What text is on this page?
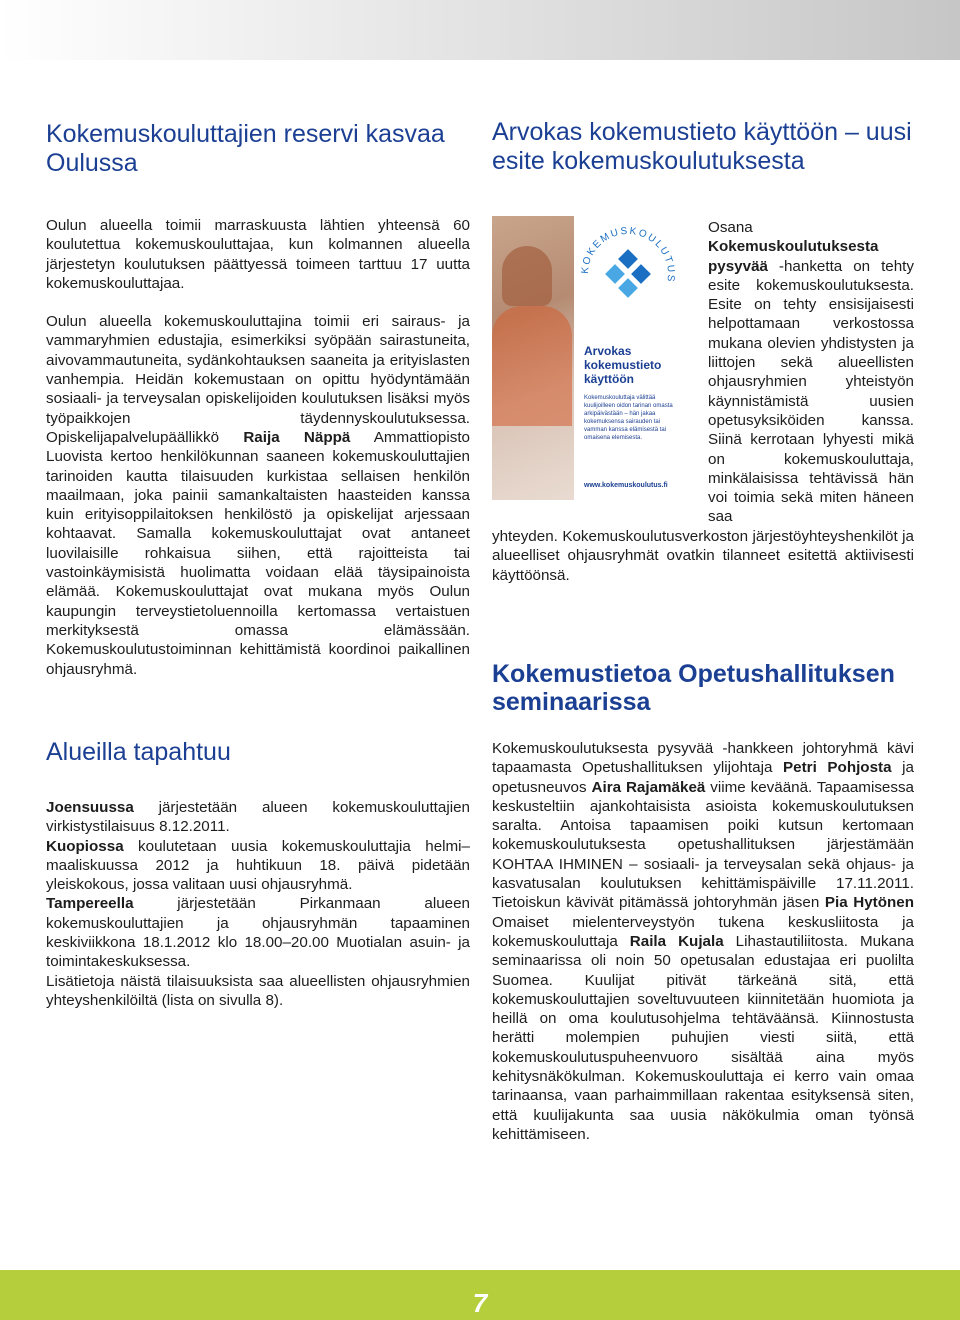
Kokemuskouluttajien reservi kasvaa Oulussa
Arvokas kokemustieto käyttöön – uusi esite kokemuskoulutuksesta

Oulun alueella toimii marraskuusta lähtien yhteensä 60 koulutettua kokemuskouluttajaa, kun kolmannen alueella järjestetyn koulutuksen päättyessä toimeen tarttuu 17 uutta kokemuskouluttajaa.

Oulun alueella kokemuskouluttajina toimii eri sairaus- ja vammaryhmien edustajia, esimerkiksi syöpään sairastuneita, aivovammautuneita, sydänkohtauksen saaneita ja erityislasten vanhempia. Heidän kokemustaan on opittu hyödyntämään sosiaali- ja terveysalan opiskelijoiden koulutuksen lisäksi myös työpaikkojen täydennyskoulutuksessa. Opiskelijapalvelupäällikkö Raija Näppä Ammattiopisto Luovista kertoo henkilökunnan saaneen kokemuskouluttajien tarinoiden kautta tilaisuuden kurkistaa sellaisen henkilön maailmaan, joka painii samankaltaisten haasteiden kanssa kuin erityisoppilaitoksen henkilöstö ja opiskelijat arjessaan kohtaavat. Samalla kokemuskouluttajat ovat antaneet luovilaisille rohkaisua siihen, että rajoitteista tai vastoinkäymisistä huolimatta voidaan elää täysipainoista elämää. Kokemuskouluttajat ovat mukana myös Oulun kaupungin terveystietoluennoilla kertomassa vertaistuen merkityksestä omassa elämässään. Kokemuskoulutustoiminnan kehittämistä koordinoi paikallinen ohjausryhmä.

Alueilla tapahtuu
Joensuussa järjestetään alueen kokemuskouluttajien virkistystilaisuus 8.12.2011.
Kuopiossa koulutetaan uusia kokemuskouluttajia helmi–maaliskuussa 2012 ja huhtikuun 18. päivä pidetään yleiskokous, jossa valitaan uusi ohjausryhmä.
Tampereella järjestetään Pirkanmaan alueen kokemuskouluttajien ja ohjausryhmän tapaaminen keskiviikkona 18.1.2012 klo 18.00–20.00 Muotialan asuin- ja toimintakeskuksessa.
Lisätietoja näistä tilaisuuksista saa alueellisten ohjausryhmien yhteyshenkilöiltä (lista on sivulla 8).
KOKEMUSKOULUTUS
Arvokas kokemustieto käyttöön
Kokemuskouluttaja välittää kuulijoilleen oidon tarinan omasta arkipäivästään – hän jakaa kokemuksensa sairauden tai vamman kanssa elämisestä tai omaisena elemisesta.
www.kokemuskoulutus.fi
Osana Kokemuskoulutuksesta pysyvää -hanketta on tehty esite kokemuskoulutuksesta. Esite on tehty ensisijaisesti helpottamaan verkostossa mukana olevien yhdistysten ja liittojen sekä alueellisten ohjausryhmien yhteistyön käynnistämistä uusien opetusyksiköiden kanssa. Siinä kerrotaan lyhyesti mikä on kokemuskouluttaja, minkälaisissa tehtävissä hän voi toimia sekä miten häneen saa
yhteyden. Kokemuskoulutusverkoston järjestöyhteyshenkilöt ja alueelliset ohjausryhmät ovatkin tilanneet esitettä aktiivisesti käyttöönsä.
Kokemustietoa Opetushallituksen seminaarissa
Kokemuskoulutuksesta pysyvää -hankkeen johtoryhmä kävi tapaamasta Opetushallituksen ylijohtaja Petri Pohjosta ja opetusneuvos Aira Rajamäkeä viime keväänä. Tapaamisessa keskusteltiin ajankohtaisista asioista kokemuskoulutuksen saralta. Antoisa tapaamisen poiki kutsun kertomaan kokemuskoulutuksesta opetushallituksen järjestämään KOHTAA IHMINEN – sosiaali- ja terveysalan sekä ohjaus- ja kasvatusalan koulutuksen kehittämispäiville 17.11.2011. Tietoiskun kävivät pitämässä johtoryhmän jäsen Pia Hytönen Omaiset mielenterveystyön tukena keskusliitosta ja kokemuskouluttaja Raila Kujala Lihastautiliitosta. Mukana seminaarissa oli noin 50 opetusalan edustajaa eri puolilta Suomea. Kuulijat pitivät tärkeänä sitä, että kokemuskouluttajien soveltuvuuteen kiinnitetään huomiota ja heillä on oma koulutusohjelma tehtäväänsä. Kiinnostusta herätti molempien puhujien viesti siitä, että kokemuskoulutuspuheenvuoro sisältää aina myös kehitysnäkökulman. Kokemuskouluttaja ei kerro vain omaa tarinaansa, vaan parhaimmillaan rakentaa esityksensä siten, että kuulijakunta saa uusia näkökulmia oman työnsä kehittämiseen.
7
